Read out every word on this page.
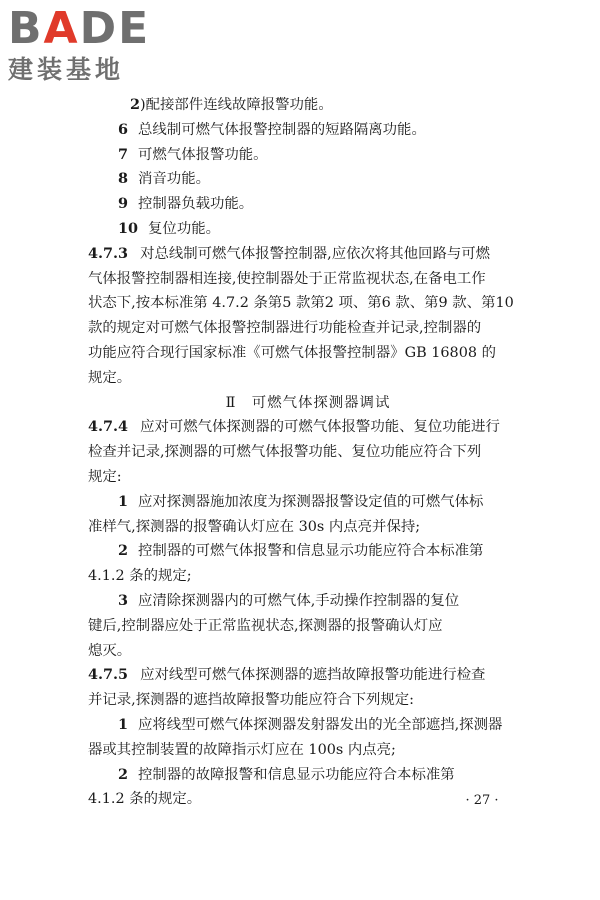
BADE
建装基地
2)配接部件连线故障报警功能。
6 总线制可燃气体报警控制器的短路隔离功能。
7 可燃气体报警功能。
8 消音功能。
9 控制器负载功能。
10 复位功能。
4.7.3 对总线制可燃气体报警控制器,应依次将其他回路与可燃
气体报警控制器相连接,使控制器处于正常监视状态,在备电工作
状态下,按本标准第 4.7.2 条第5 款第2 项、第6 款、第9 款、第10
款的规定对可燃气体报警控制器进行功能检查并记录,控制器的
功能应符合现行国家标准《可燃气体报警控制器》GB 16808 的
规定。
Ⅱ　可燃气体探测器调试
4.7.4 应对可燃气体探测器的可燃气体报警功能、复位功能进行
检查并记录,探测器的可燃气体报警功能、复位功能应符合下列
规定:
1 应对探测器施加浓度为探测器报警设定值的可燃气体标
准样气,探测器的报警确认灯应在 30s 内点亮并保持;
2 控制器的可燃气体报警和信息显示功能应符合本标准第
4.1.2 条的规定;
3 应清除探测器内的可燃气体,手动操作控制器的复位
键后,控制器应处于正常监视状态,探测器的报警确认灯应
熄灭。
4.7.5 应对线型可燃气体探测器的遮挡故障报警功能进行检查
并记录,探测器的遮挡故障报警功能应符合下列规定:
1 应将线型可燃气体探测器发射器发出的光全部遮挡,探测器
器或其控制装置的故障指示灯应在 100s 内点亮;
2 控制器的故障报警和信息显示功能应符合本标准第
4.1.2 条的规定。	· 27 ·
